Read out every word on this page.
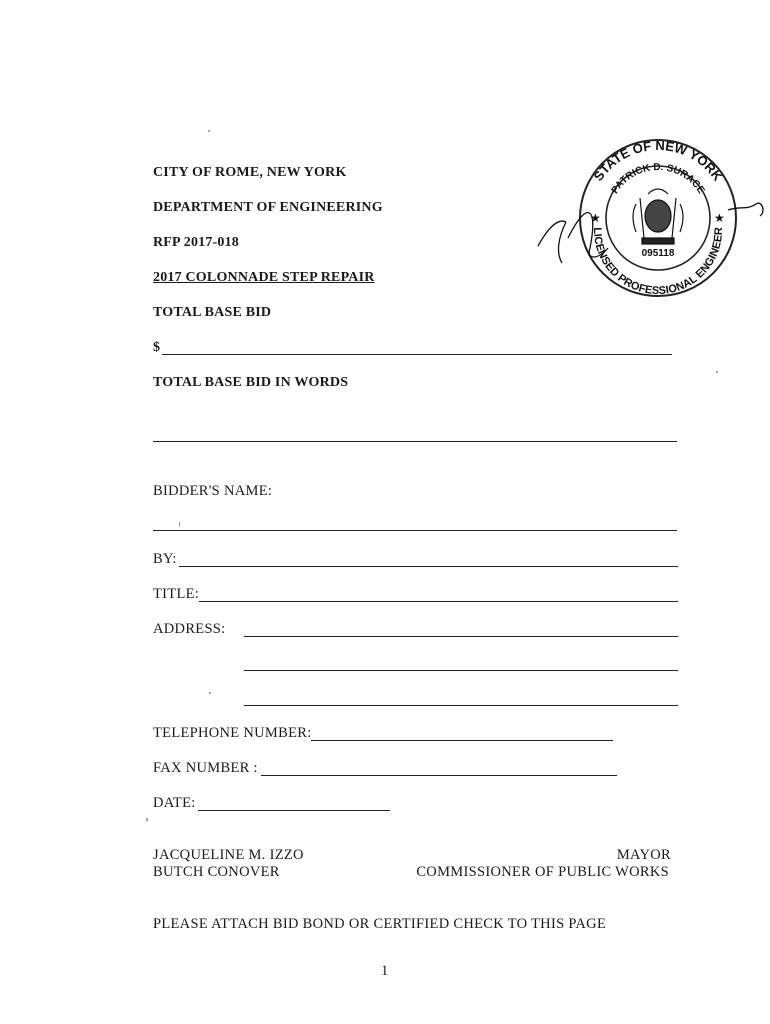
CITY OF ROME, NEW YORK
DEPARTMENT OF ENGINEERING
RFP 2017-018
2017 COLONNADE STEP REPAIR
TOTAL BASE BID
$
TOTAL BASE BID IN WORDS
STATE OF NEW YORK
PATRICK D. SURACE
LICENSED PROFESSIONAL ENGINEER
★	★
095118
BIDDER'S NAME:
BY:
TITLE:
ADDRESS:
TELEPHONE NUMBER:
FAX NUMBER :
DATE:
JACQUELINE M. IZZO
BUTCH CONOVER
MAYOR
COMMISSIONER OF PUBLIC WORKS
PLEASE ATTACH BID BOND OR CERTIFIED CHECK TO THIS PAGE
1
